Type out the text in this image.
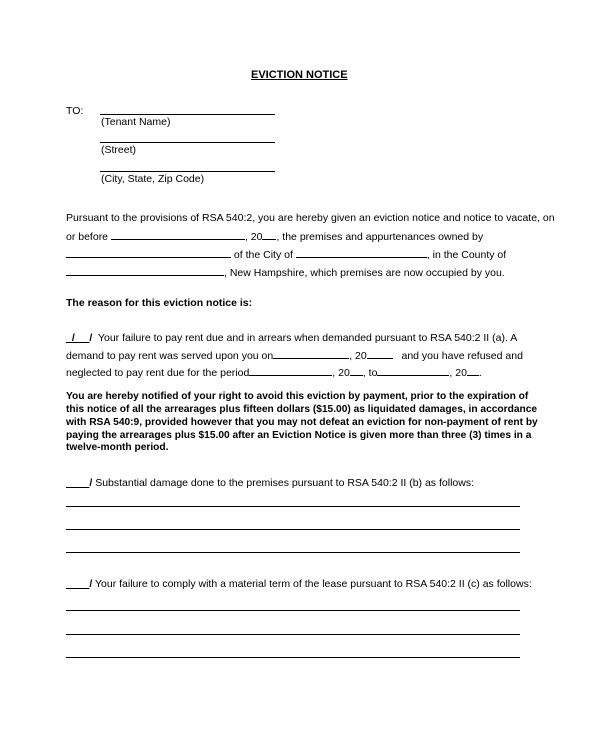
EVICTION NOTICE
TO:
(Tenant Name)
(Street)
(City, State, Zip Code)
Pursuant to the provisions of RSA 540:2, you are hereby given an eviction notice and notice to vacate, on
or before	, 20 , the premises and appurtenances owned by
of the City of	, in the County of
, New Hampshire, which premises are now occupied by you.
The reason for this eviction notice is:
/ / Your failure to pay rent due and in arrears when demanded pursuant to RSA 540:2 II (a). A
demand to pay rent was served upon you on	, 20	and you have refused and
neglected to pay rent due for the period	, 20 , to	, 20 .
You are hereby notified of your right to avoid this eviction by payment, prior to the expiration of
this notice of all the arrearages plus fifteen dollars ($15.00) as liquidated damages, in accordance
with RSA 540:9, provided however that you may not defeat an eviction for non-payment of rent by
paying the arrearages plus $15.00 after an Eviction Notice is given more than three (3) times in a
twelve-month period.
/ Substantial damage done to the premises pursuant to RSA 540:2 II (b) as follows:
/ Your failure to comply with a material term of the lease pursuant to RSA 540:2 II (c) as follows:
